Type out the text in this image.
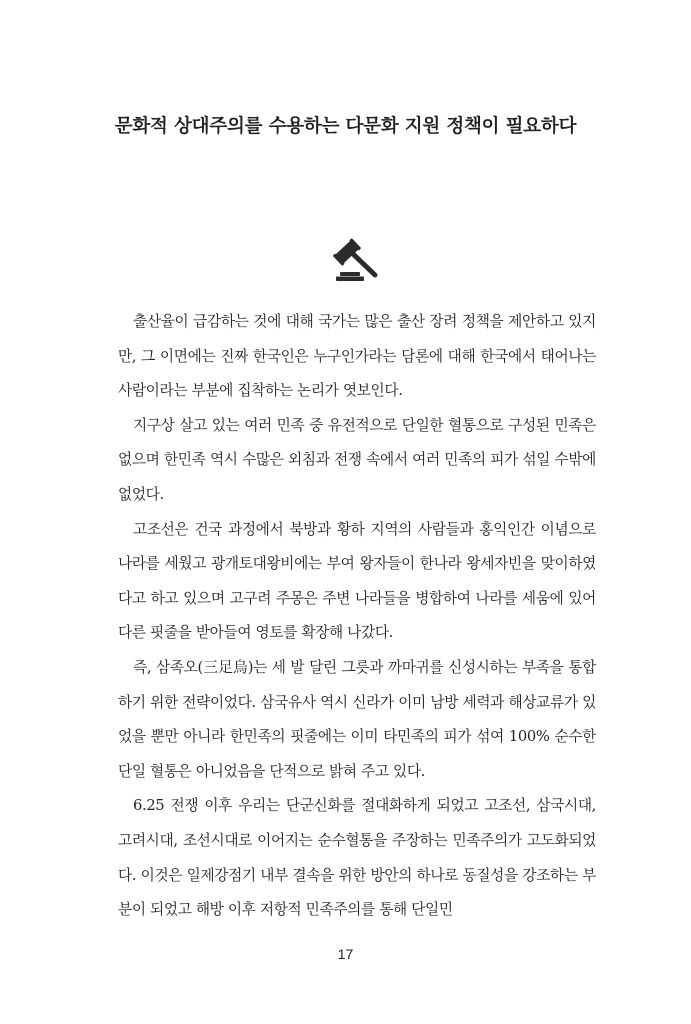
문화적 상대주의를 수용하는 다문화 지원 정책이 필요하다

출산율이 급감하는 것에 대해 국가는 많은 출산 장려 정책을 제안하고 있지만, 그 이면에는 진짜 한국인은 누구인가라는 담론에 대해 한국에서 태어나는 사람이라는 부분에 집착하는 논리가 엿보인다.

지구상 살고 있는 여러 민족 중 유전적으로 단일한 혈통으로 구성된 민족은 없으며 한민족 역시 수많은 외침과 전쟁 속에서 여러 민족의 피가 섞일 수밖에 없었다.

고조선은 건국 과정에서 북방과 황하 지역의 사람들과 홍익인간 이념으로 나라를 세웠고 광개토대왕비에는 부여 왕자들이 한나라 왕세자빈을 맞이하였다고 하고 있으며 고구려 주몽은 주변 나라들을 병합하여 나라를 세움에 있어 다른 핏줄을 받아들여 영토를 확장해 나갔다.

즉, 삼족오(三足烏)는 세 발 달린 그릇과 까마귀를 신성시하는 부족을 통합하기 위한 전략이었다. 삼국유사 역시 신라가 이미 남방 세력과 해상교류가 있었을 뿐만 아니라 한민족의 핏줄에는 이미 타민족의 피가 섞여 100% 순수한 단일 혈통은 아니었음을 단적으로 밝혀 주고 있다.

6.25 전쟁 이후 우리는 단군신화를 절대화하게 되었고 고조선, 삼국시대, 고려시대, 조선시대로 이어지는 순수혈통을 주장하는 민족주의가 고도화되었다. 이것은 일제강점기 내부 결속을 위한 방안의 하나로 동질성을 강조하는 부분이 되었고 해방 이후 저항적 민족주의를 통해 단일민

17
